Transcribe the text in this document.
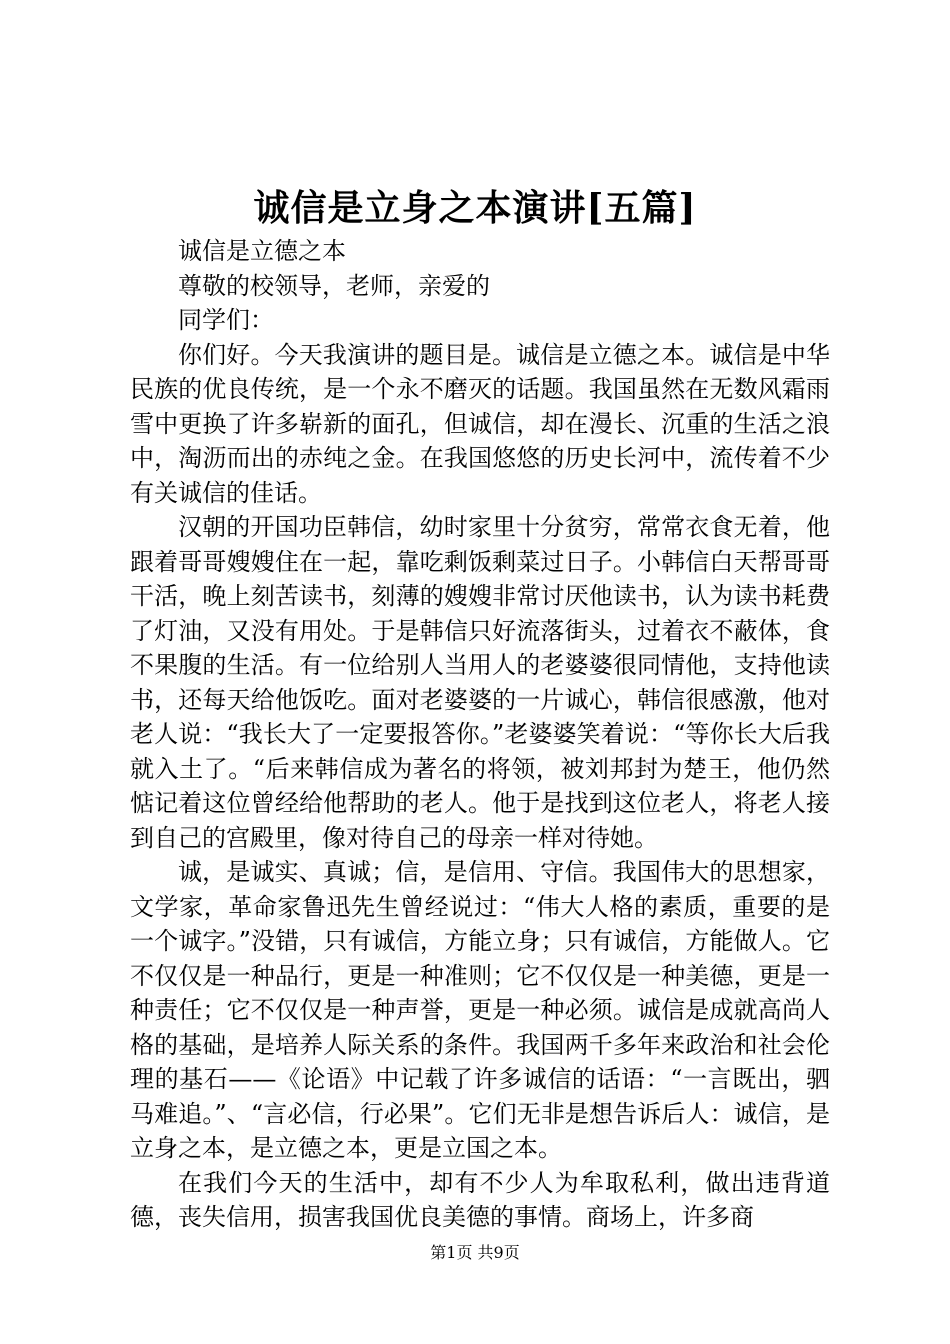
诚信是立身之本演讲[五篇]

诚信是立德之本

尊敬的校领导，老师，亲爱的

同学们：

你们好。今天我演讲的题目是。诚信是立德之本。诚信是中华民族的优良传统，是一个永不磨灭的话题。我国虽然在无数风霜雨雪中更换了许多崭新的面孔，但诚信，却在漫长、沉重的生活之浪中，淘沥而出的赤纯之金。在我国悠悠的历史长河中，流传着不少有关诚信的佳话。

汉朝的开国功臣韩信，幼时家里十分贫穷，常常衣食无着，他跟着哥哥嫂嫂住在一起，靠吃剩饭剩菜过日子。小韩信白天帮哥哥干活，晚上刻苦读书，刻薄的嫂嫂非常讨厌他读书，认为读书耗费了灯油，又没有用处。于是韩信只好流落街头，过着衣不蔽体，食不果腹的生活。有一位给别人当用人的老婆婆很同情他，支持他读书，还每天给他饭吃。面对老婆婆的一片诚心，韩信很感激，他对老人说：“我长大了一定要报答你。”老婆婆笑着说：“等你长大后我就入土了。“后来韩信成为著名的将领，被刘邦封为楚王，他仍然惦记着这位曾经给他帮助的老人。他于是找到这位老人，将老人接到自己的宫殿里，像对待自己的母亲一样对待她。

诚，是诚实、真诚；信，是信用、守信。我国伟大的思想家，文学家，革命家鲁迅先生曾经说过：“伟大人格的素质，重要的是一个诚字。”没错，只有诚信，方能立身；只有诚信，方能做人。它不仅仅是一种品行，更是一种准则；它不仅仅是一种美德，更是一种责任；它不仅仅是一种声誉，更是一种必须。诚信是成就高尚人格的基础，是培养人际关系的条件。我国两千多年来政治和社会伦理的基石——《论语》中记载了许多诚信的话语：“一言既出，驷马难追。”、“言必信，行必果”。它们无非是想告诉后人：诚信，是立身之本，是立德之本，更是立国之本。

在我们今天的生活中，却有不少人为牟取私利，做出违背道德，丧失信用，损害我国优良美德的事情。商场上，许多商

第1页 共9页
